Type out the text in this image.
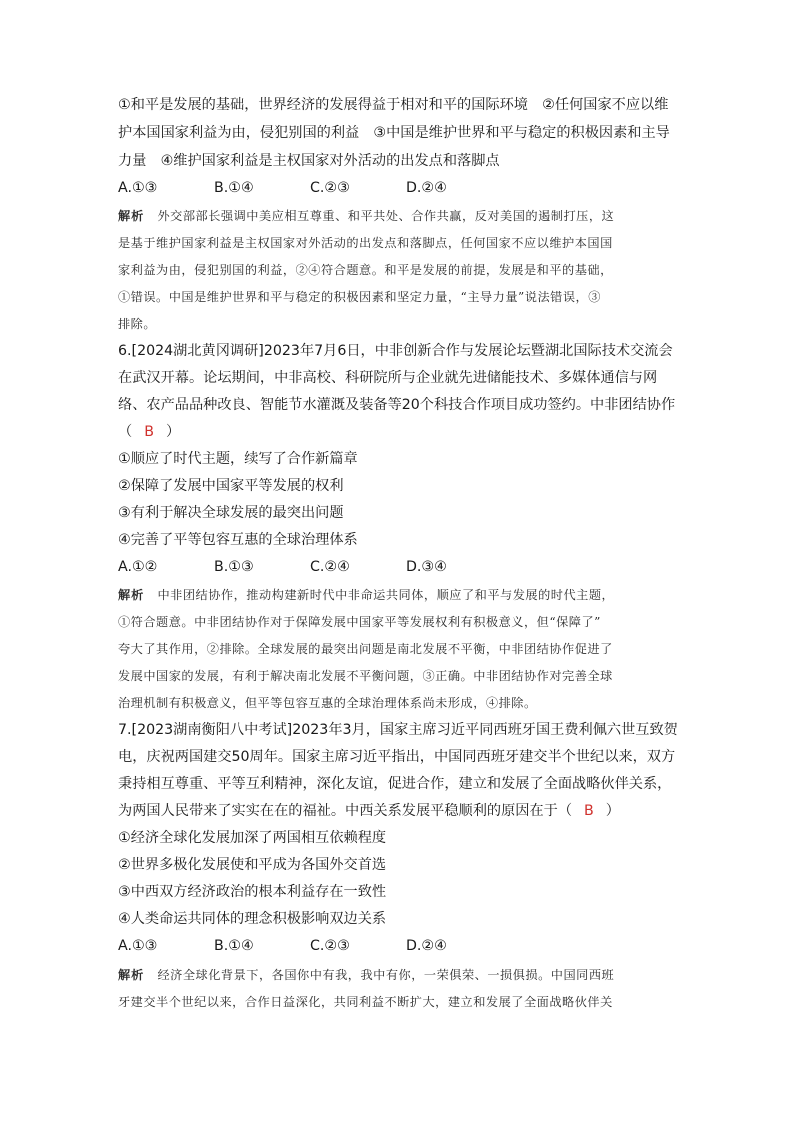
①和平是发展的基础，世界经济的发展得益于相对和平的国际环境　②任何国家不应以维
护本国国家利益为由，侵犯别国的利益　③中国是维护世界和平与稳定的积极因素和主导
力量　④维护国家利益是主权国家对外活动的出发点和落脚点
A.①③	B.①④	C.②③	D.②④
解析 外交部部长强调中美应相互尊重、和平共处、合作共赢，反对美国的遏制打压，这
是基于维护国家利益是主权国家对外活动的出发点和落脚点，任何国家不应以维护本国国
家利益为由，侵犯别国的利益，②④符合题意。和平是发展的前提，发展是和平的基础，
①错误。中国是维护世界和平与稳定的积极因素和坚定力量，“主导力量”说法错误，③
排除。
6.[2024湖北黄冈调研]2023年7月6日，中非创新合作与发展论坛暨湖北国际技术交流会
在武汉开幕。论坛期间，中非高校、科研院所与企业就先进储能技术、多媒体通信与网
络、农产品品种改良、智能节水灌溉及装备等20个科技合作项目成功签约。中非团结协作
（ B ）
①顺应了时代主题，续写了合作新篇章
②保障了发展中国家平等发展的权利
③有利于解决全球发展的最突出问题
④完善了平等包容互惠的全球治理体系
A.①②	B.①③	C.②④	D.③④
解析 中非团结协作，推动构建新时代中非命运共同体，顺应了和平与发展的时代主题，
①符合题意。中非团结协作对于保障发展中国家平等发展权利有积极意义，但“保障了”
夸大了其作用，②排除。全球发展的最突出问题是南北发展不平衡，中非团结协作促进了
发展中国家的发展，有利于解决南北发展不平衡问题，③正确。中非团结协作对完善全球
治理机制有积极意义，但平等包容互惠的全球治理体系尚未形成，④排除。
7.[2023湖南衡阳八中考试]2023年3月，国家主席习近平同西班牙国王费利佩六世互致贺
电，庆祝两国建交50周年。国家主席习近平指出，中国同西班牙建交半个世纪以来，双方
秉持相互尊重、平等互利精神，深化友谊，促进合作，建立和发展了全面战略伙伴关系，
为两国人民带来了实实在在的福祉。中西关系发展平稳顺利的原因在于（ B ）
①经济全球化发展加深了两国相互依赖程度
②世界多极化发展使和平成为各国外交首选
③中西双方经济政治的根本利益存在一致性
④人类命运共同体的理念积极影响双边关系
A.①③	B.①④	C.②③	D.②④
解析 经济全球化背景下，各国你中有我，我中有你，一荣俱荣、一损俱损。中国同西班
牙建交半个世纪以来，合作日益深化，共同利益不断扩大，建立和发展了全面战略伙伴关
